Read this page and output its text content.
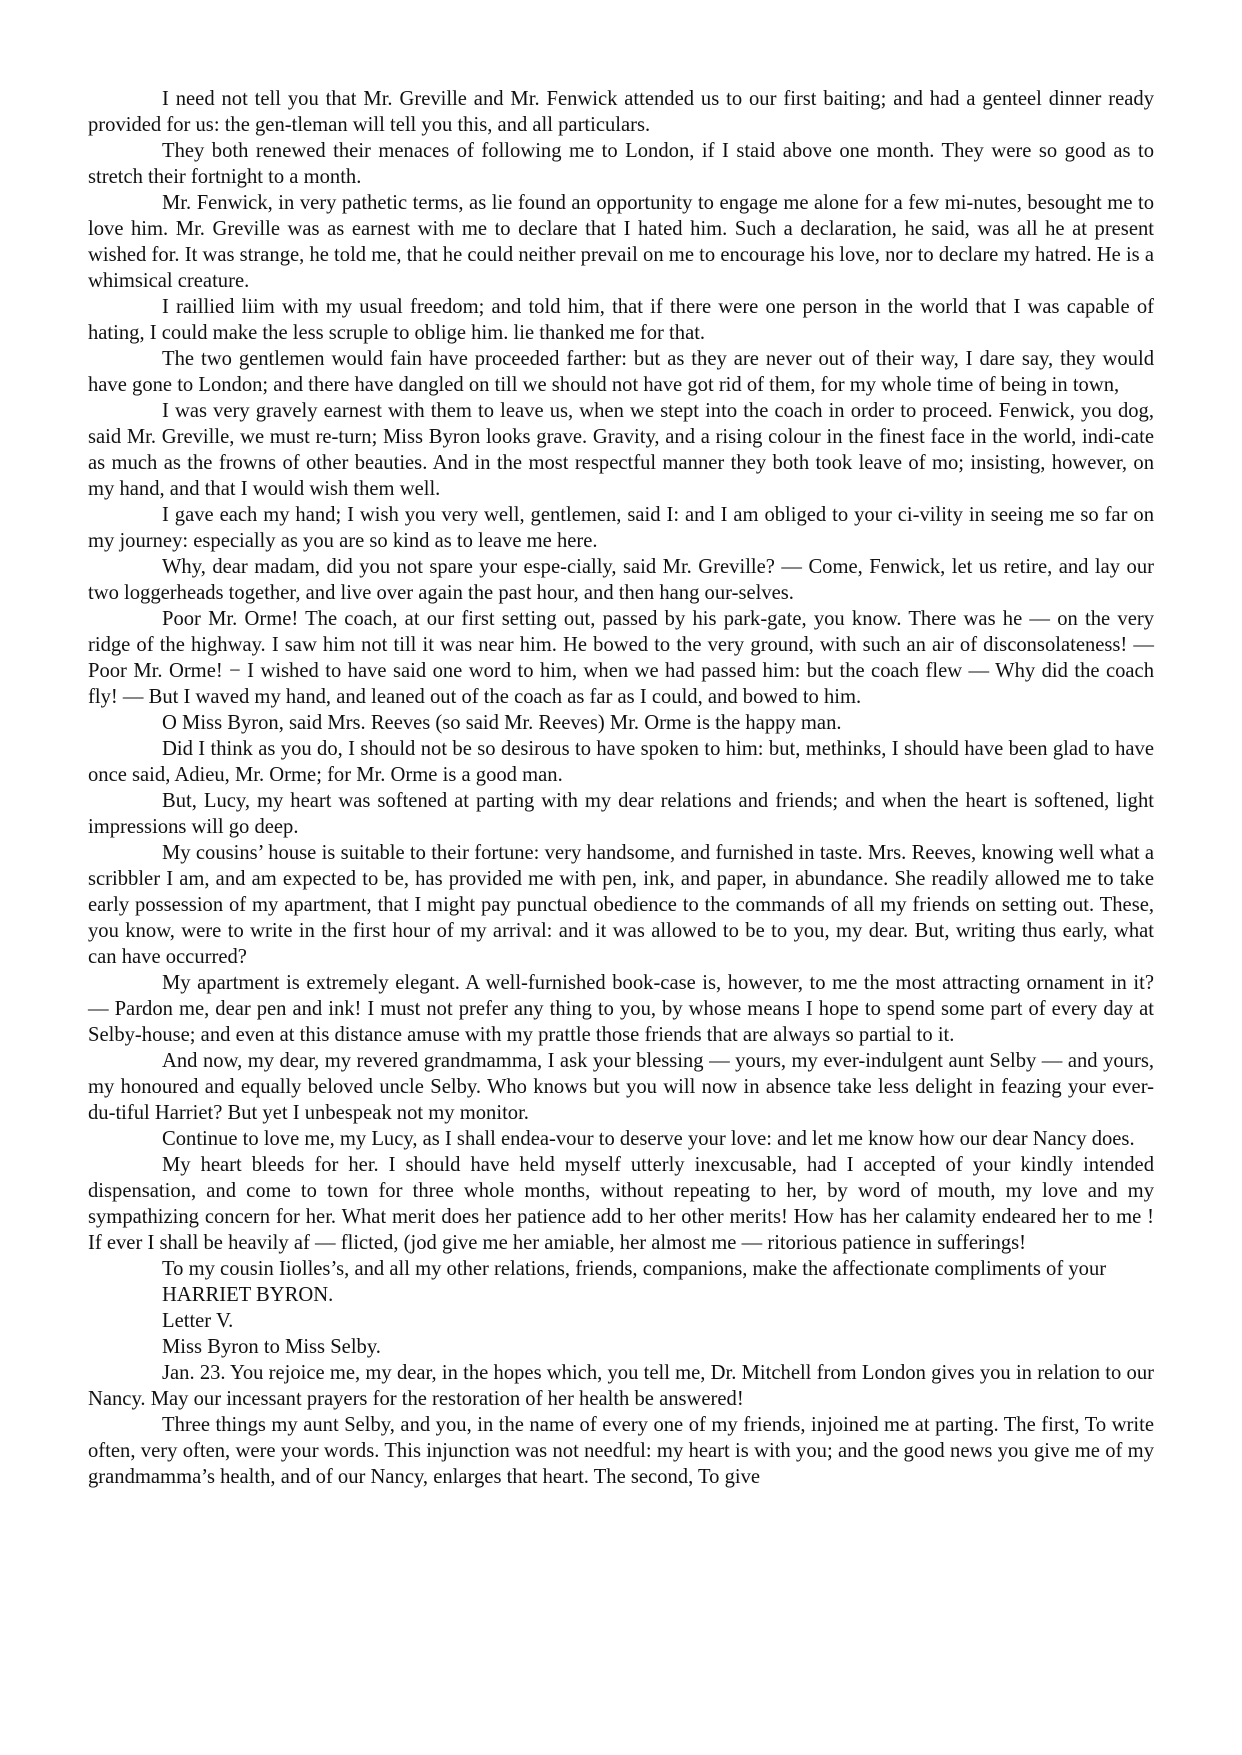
I need not tell you that Mr. Greville and Mr. Fenwick attended us to our first baiting; and had a genteel dinner ready provided for us: the gen-tleman will tell you this, and all particulars.

They both renewed their menaces of following me to London, if I staid above one month. They were so good as to stretch their fortnight to a month.

Mr. Fenwick, in very pathetic terms, as lie found an opportunity to engage me alone for a few mi-nutes, besought me to love him. Mr. Greville was as earnest with me to declare that I hated him. Such a declaration, he said, was all he at present wished for. It was strange, he told me, that he could neither prevail on me to encourage his love, nor to declare my hatred. He is a whimsical creature.

I raillied liim with my usual freedom; and told him, that if there were one person in the world that I was capable of hating, I could make the less scruple to oblige him. lie thanked me for that.

The two gentlemen would fain have proceeded farther: but as they are never out of their way, I dare say, they would have gone to London; and there have dangled on till we should not have got rid of them, for my whole time of being in town,

I was very gravely earnest with them to leave us, when we stept into the coach in order to proceed. Fenwick, you dog, said Mr. Greville, we must re-turn; Miss Byron looks grave. Gravity, and a rising colour in the finest face in the world, indi-cate as much as the frowns of other beauties. And in the most respectful manner they both took leave of mo; insisting, however, on my hand, and that I would wish them well.

I gave each my hand; I wish you very well, gentlemen, said I: and I am obliged to your ci-vility in seeing me so far on my journey: especially as you are so kind as to leave me here.

Why, dear madam, did you not spare your espe-cially, said Mr. Greville? — Come, Fenwick, let us retire, and lay our two loggerheads together, and live over again the past hour, and then hang our-selves.

Poor Mr. Orme! The coach, at our first setting out, passed by his park-gate, you know. There was he — on the very ridge of the highway. I saw him not till it was near him. He bowed to the very ground, with such an air of disconsolateness! — Poor Mr. Orme! − I wished to have said one word to him, when we had passed him: but the coach flew — Why did the coach fly! — But I waved my hand, and leaned out of the coach as far as I could, and bowed to him.

O Miss Byron, said Mrs. Reeves (so said Mr. Reeves) Mr. Orme is the happy man.

Did I think as you do, I should not be so desirous to have spoken to him: but, methinks, I should have been glad to have once said, Adieu, Mr. Orme; for Mr. Orme is a good man.

But, Lucy, my heart was softened at parting with my dear relations and friends; and when the heart is softened, light impressions will go deep.

My cousins’ house is suitable to their fortune: very handsome, and furnished in taste. Mrs. Reeves, knowing well what a scribbler I am, and am expected to be, has provided me with pen, ink, and paper, in abundance. She readily allowed me to take early possession of my apartment, that I might pay punctual obedience to the commands of all my friends on setting out. These, you know, were to write in the first hour of my arrival: and it was allowed to be to you, my dear. But, writing thus early, what can have occurred?

My apartment is extremely elegant. A well-furnished book-case is, however, to me the most attracting ornament in it? — Pardon me, dear pen and ink! I must not prefer any thing to you, by whose means I hope to spend some part of every day at Selby-house; and even at this distance amuse with my prattle those friends that are always so partial to it.

And now, my dear, my revered grandmamma, I ask your blessing — yours, my ever-indulgent aunt Selby — and yours, my honoured and equally beloved uncle Selby. Who knows but you will now in absence take less delight in feazing your ever-du-tiful Harriet? But yet I unbespeak not my monitor.

Continue to love me, my Lucy, as I shall endea-vour to deserve your love: and let me know how our dear Nancy does.

My heart bleeds for her. I should have held myself utterly inexcusable, had I accepted of your kindly intended dispensation, and come to town for three whole months, without repeating to her, by word of mouth, my love and my sympathizing concern for her. What merit does her patience add to her other merits! How has her calamity endeared her to me ! If ever I shall be heavily af — flicted, (jod give me her amiable, her almost me — ritorious patience in sufferings!

To my cousin Iiolles’s, and all my other relations, friends, companions, make the affectionate compliments of your

HARRIET BYRON.

Letter V.

Miss Byron to Miss Selby.

Jan. 23. You rejoice me, my dear, in the hopes which, you tell me, Dr. Mitchell from London gives you in relation to our Nancy. May our incessant prayers for the restoration of her health be answered!

Three things my aunt Selby, and you, in the name of every one of my friends, injoined me at parting. The first, To write often, very often, were your words. This injunction was not needful: my heart is with you; and the good news you give me of my grandmamma’s health, and of our Nancy, enlarges that heart. The second, To give
